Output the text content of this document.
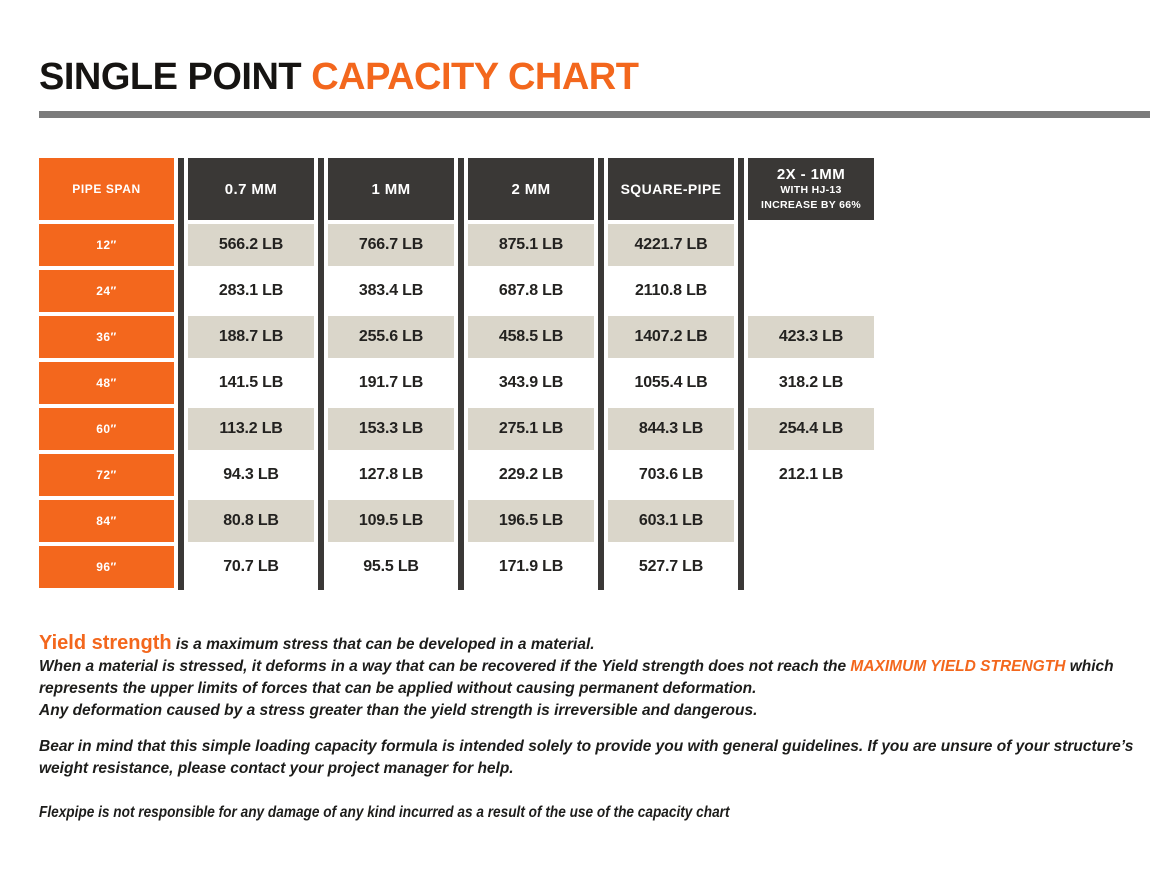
SINGLE POINT CAPACITY CHART
PIPE SPAN
12″
24″
36″
48″
60″
72″
84″
96″
0.7 MM
566.2 LB
283.1 LB
188.7 LB
141.5 LB
113.2 LB
94.3 LB
80.8 LB
70.7 LB
1 MM
766.7 LB
383.4 LB
255.6 LB
191.7 LB
153.3 LB
127.8 LB
109.5 LB
95.5 LB
2 MM
875.1 LB
687.8 LB
458.5 LB
343.9 LB
275.1 LB
229.2 LB
196.5 LB
171.9 LB
SQUARE-PIPE
4221.7 LB
2110.8 LB
1407.2 LB
1055.4 LB
844.3 LB
703.6 LB
603.1 LB
527.7 LB
2X - 1MM
WITH HJ-13
INCREASE BY 66%
423.3 LB
318.2 LB
254.4 LB
212.1 LB
Yield strength is a maximum stress that can be developed in a material.
When a material is stressed, it deforms in a way that can be recovered if the Yield strength does not reach the MAXIMUM YIELD STRENGTH which represents the upper limits of forces that can be applied without causing permanent deformation.
Any deformation caused by a stress greater than the yield strength is irreversible and dangerous.
Bear in mind that this simple loading capacity formula is intended solely to provide you with general guidelines. If you are unsure of your structure’s weight resistance, please contact your project manager for help.
Flexpipe is not responsible for any damage of any kind incurred as a result of the use of the capacity chart
